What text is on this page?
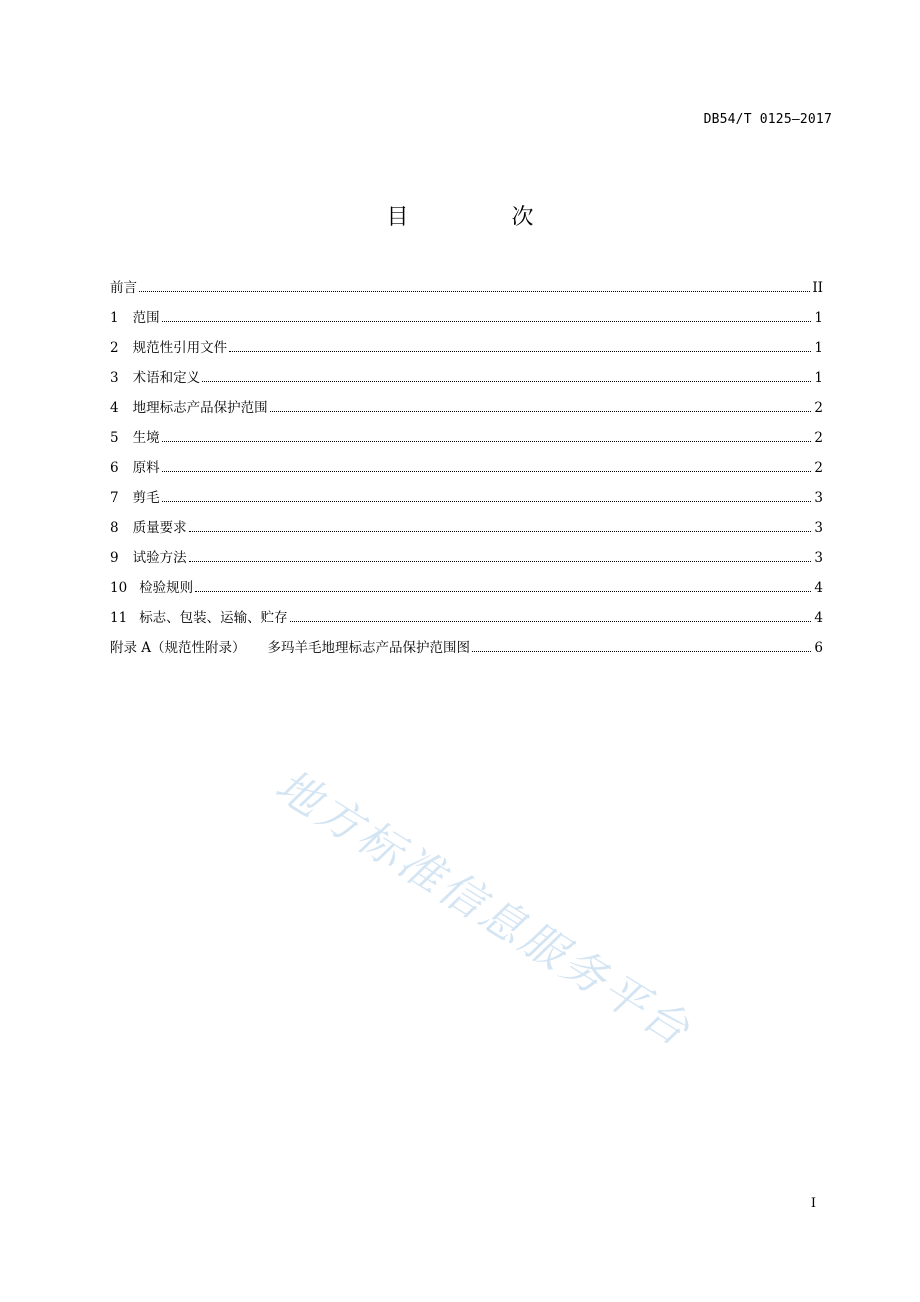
DB54/T 0125—2017
目 次
前言	II
1 范围	1
2 规范性引用文件	1
3 术语和定义	1
4 地理标志产品保护范围	2
5 生境	2
6 原料	2
7 剪毛	3
8 质量要求	3
9 试验方法	3
10 检验规则	4
11 标志、包装、运输、贮存	4
附录 A（规范性附录） 多玛羊毛地理标志产品保护范围图	6
地方标准信息服务平台
I
